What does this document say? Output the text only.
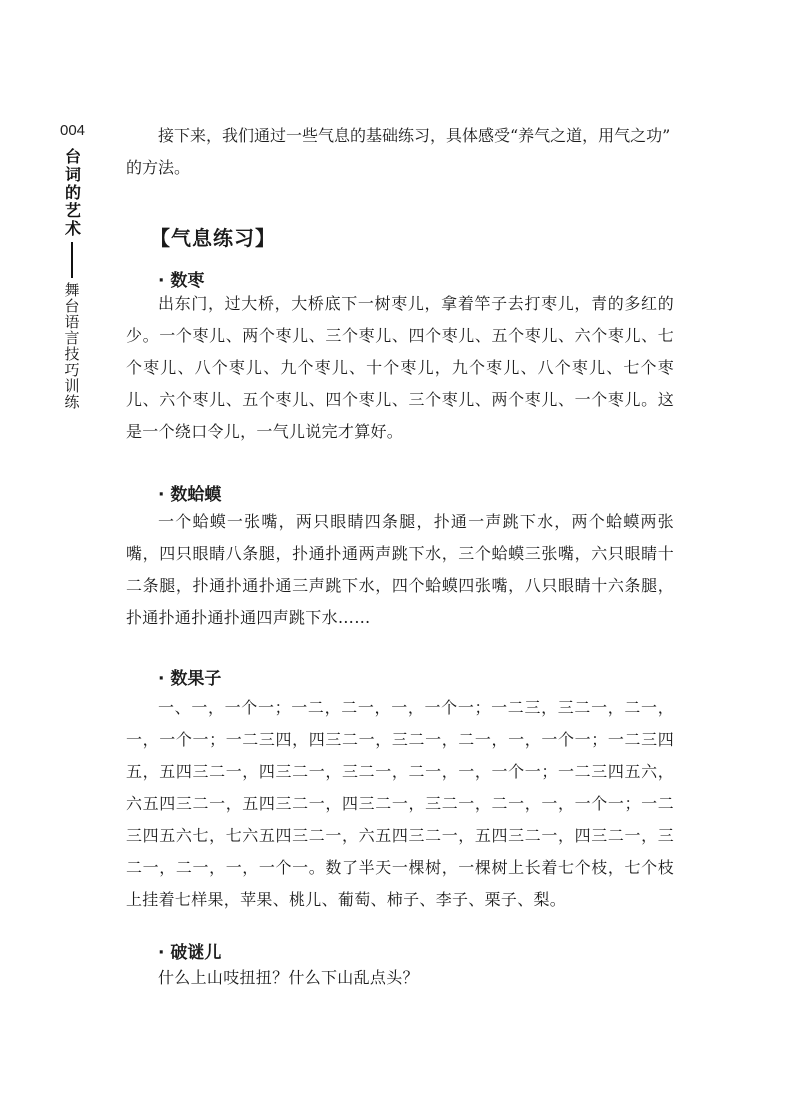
004
台词的艺术
舞台语言技巧训练
接下来，我们通过一些气息的基础练习，具体感受“养气之道，用气之功”
的方法。
【气息练习】
· 数枣

出东门，过大桥，大桥底下一树枣儿，拿着竿子去打枣儿，青的多红的少。一个枣儿、两个枣儿、三个枣儿、四个枣儿、五个枣儿、六个枣儿、七个枣儿、八个枣儿、九个枣儿、十个枣儿，九个枣儿、八个枣儿、七个枣儿、六个枣儿、五个枣儿、四个枣儿、三个枣儿、两个枣儿、一个枣儿。这是一个绕口令儿，一气儿说完才算好。

· 数蛤蟆

一个蛤蟆一张嘴，两只眼睛四条腿，扑通一声跳下水，两个蛤蟆两张嘴，四只眼睛八条腿，扑通扑通两声跳下水，三个蛤蟆三张嘴，六只眼睛十二条腿，扑通扑通扑通三声跳下水，四个蛤蟆四张嘴，八只眼睛十六条腿，扑通扑通扑通扑通四声跳下水……

· 数果子

一、一，一个一；一二，二一，一，一个一；一二三，三二一，二一，一，一个一；一二三四，四三二一，三二一，二一，一，一个一；一二三四五，五四三二一，四三二一，三二一，二一，一，一个一；一二三四五六，六五四三二一，五四三二一，四三二一，三二一，二一，一，一个一；一二三四五六七，七六五四三二一，六五四三二一，五四三二一，四三二一，三二一，二一，一，一个一。数了半天一棵树，一棵树上长着七个枝，七个枝上挂着七样果，苹果、桃儿、葡萄、柿子、李子、栗子、梨。

· 破谜儿

什么上山吱扭扭？什么下山乱点头？
